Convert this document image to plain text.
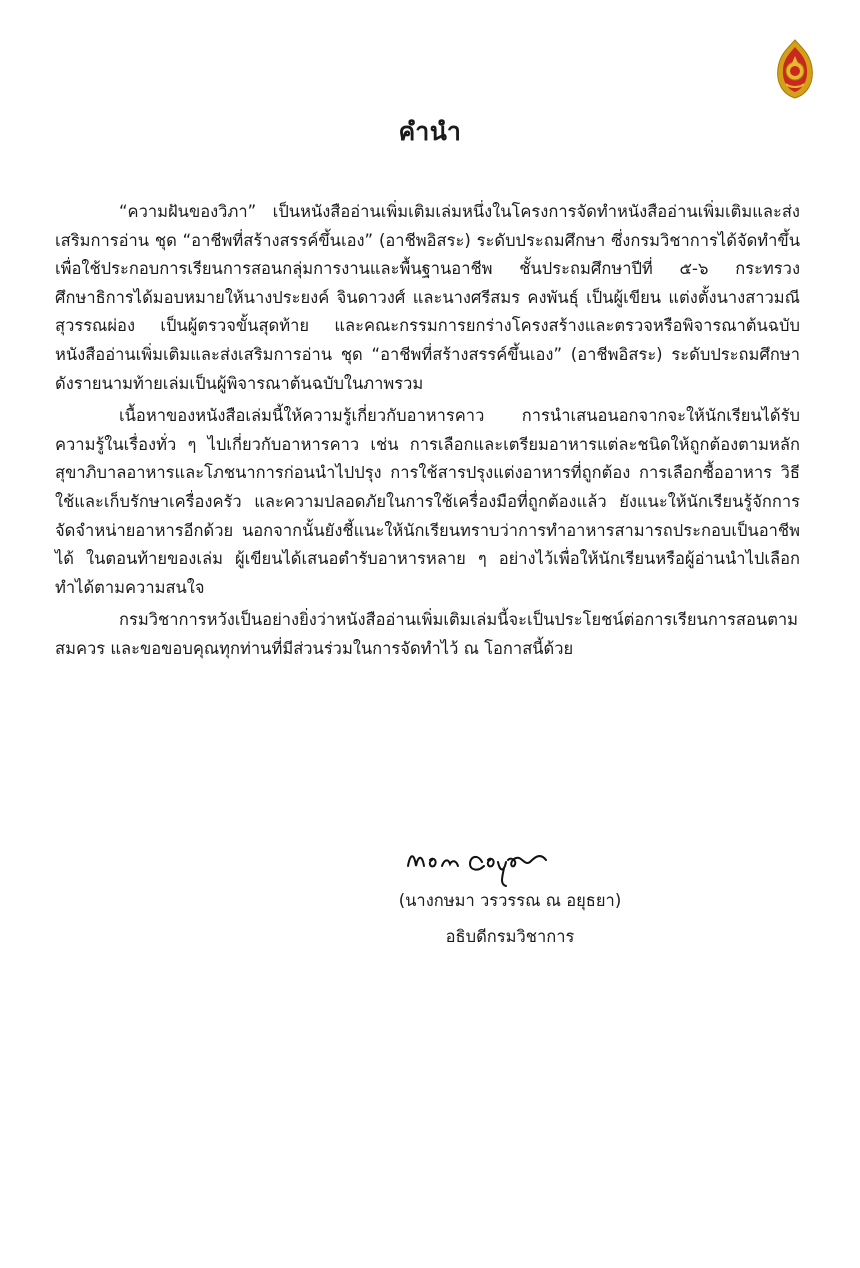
คำนำ

“ความฝันของวิภา” เป็นหนังสืออ่านเพิ่มเติมเล่มหนึ่งในโครงการจัดทำหนังสืออ่านเพิ่มเติมและส่งเสริมการอ่าน ชุด “อาชีพที่สร้างสรรค์ขึ้นเอง” (อาชีพอิสระ) ระดับประถมศึกษา ซึ่งกรมวิชาการได้จัดทำขึ้นเพื่อใช้ประกอบการเรียนการสอนกลุ่มการงานและพื้นฐานอาชีพ ชั้นประถมศึกษาปีที่ ๕-๖ กระทรวงศึกษาธิการได้มอบหมายให้นางประยงค์ จินดาวงศ์ และนางศรีสมร คงพันธุ์ เป็นผู้เขียน แต่งตั้งนางสาวมณี สุวรรณผ่อง เป็นผู้ตรวจขั้นสุดท้าย และคณะกรรมการยกร่างโครงสร้างและตรวจหรือพิจารณาต้นฉบับหนังสืออ่านเพิ่มเติมและส่งเสริมการอ่าน ชุด “อาชีพที่สร้างสรรค์ขึ้นเอง” (อาชีพอิสระ) ระดับประถมศึกษา ดังรายนามท้ายเล่มเป็นผู้พิจารณาต้นฉบับในภาพรวม

เนื้อหาของหนังสือเล่มนี้ให้ความรู้เกี่ยวกับอาหารคาว การนำเสนอนอกจากจะให้นักเรียนได้รับความรู้ในเรื่องทั่ว ๆ ไปเกี่ยวกับอาหารคาว เช่น การเลือกและเตรียมอาหารแต่ละชนิดให้ถูกต้องตามหลักสุขาภิบาลอาหารและโภชนาการก่อนนำไปปรุง การใช้สารปรุงแต่งอาหารที่ถูกต้อง การเลือกซื้ออาหาร วิธีใช้และเก็บรักษาเครื่องครัว และความปลอดภัยในการใช้เครื่องมือที่ถูกต้องแล้ว ยังแนะให้นักเรียนรู้จักการจัดจำหน่ายอาหารอีกด้วย นอกจากนั้นยังชี้แนะให้นักเรียนทราบว่าการทำอาหารสามารถประกอบเป็นอาชีพได้ ในตอนท้ายของเล่ม ผู้เขียนได้เสนอตำรับอาหารหลาย ๆ อย่างไว้เพื่อให้นักเรียนหรือผู้อ่านนำไปเลือกทำได้ตามความสนใจ

กรมวิชาการหวังเป็นอย่างยิ่งว่าหนังสืออ่านเพิ่มเติมเล่มนี้จะเป็นประโยชน์ต่อการเรียนการสอนตามสมควร และขอขอบคุณทุกท่านที่มีส่วนร่วมในการจัดทำไว้ ณ โอกาสนี้ด้วย

(นางกษมา วรวรรณ ณ อยุธยา)
อธิบดีกรมวิชาการ
